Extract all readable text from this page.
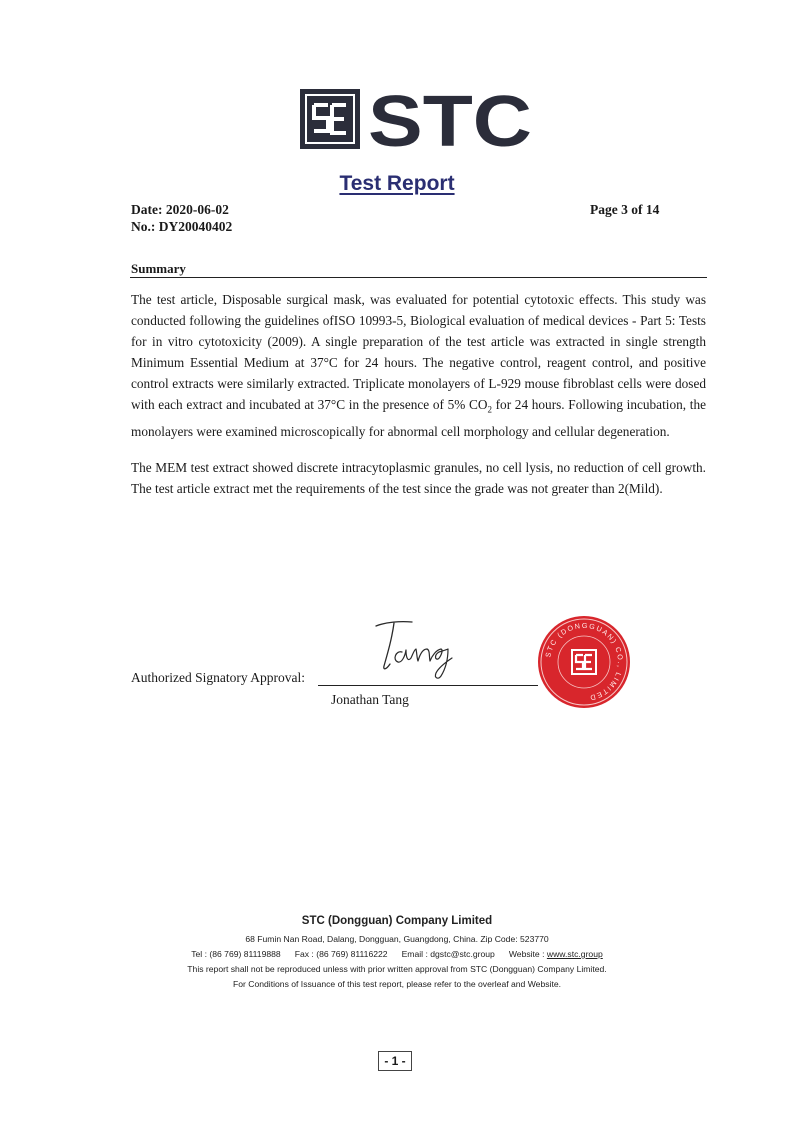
STC
Test Report
Date: 2020-06-02
No.: DY20040402
Page 3 of 14
Summary
The test article, Disposable surgical mask, was evaluated for potential cytotoxic effects. This study was conducted following the guidelines ofISO 10993-5, Biological evaluation of medical devices - Part 5: Tests for in vitro cytotoxicity (2009). A single preparation of the test article was extracted in single strength Minimum Essential Medium at 37°C for 24 hours. The negative control, reagent control, and positive control extracts were similarly extracted. Triplicate monolayers of L-929 mouse fibroblast cells were dosed with each extract and incubated at 37°C in the presence of 5% $CO_2$ for 24 hours. Following incubation, the monolayers were examined microscopically for abnormal cell morphology and cellular degeneration.
The MEM test extract showed discrete intracytoplasmic granules, no cell lysis, no reduction of cell growth. The test article extract met the requirements of the test since the grade was not greater than 2(Mild).
Authorized Signatory Approval:
Jonathan Tang
STC (DONGGUAN) CO., LIMITED
STC (Dongguan) Company Limited
68 Fumin Nan Road, Dalang, Dongguan, Guangdong, China. Zip Code: 523770
Tel : (86 769) 81119888 Fax : (86 769) 81116222 Email : dgstc@stc.group Website : www.stc.group
This report shall not be reproduced unless with prior written approval from STC (Dongguan) Company Limited.
For Conditions of Issuance of this test report, please refer to the overleaf and Website.
- 1 -
